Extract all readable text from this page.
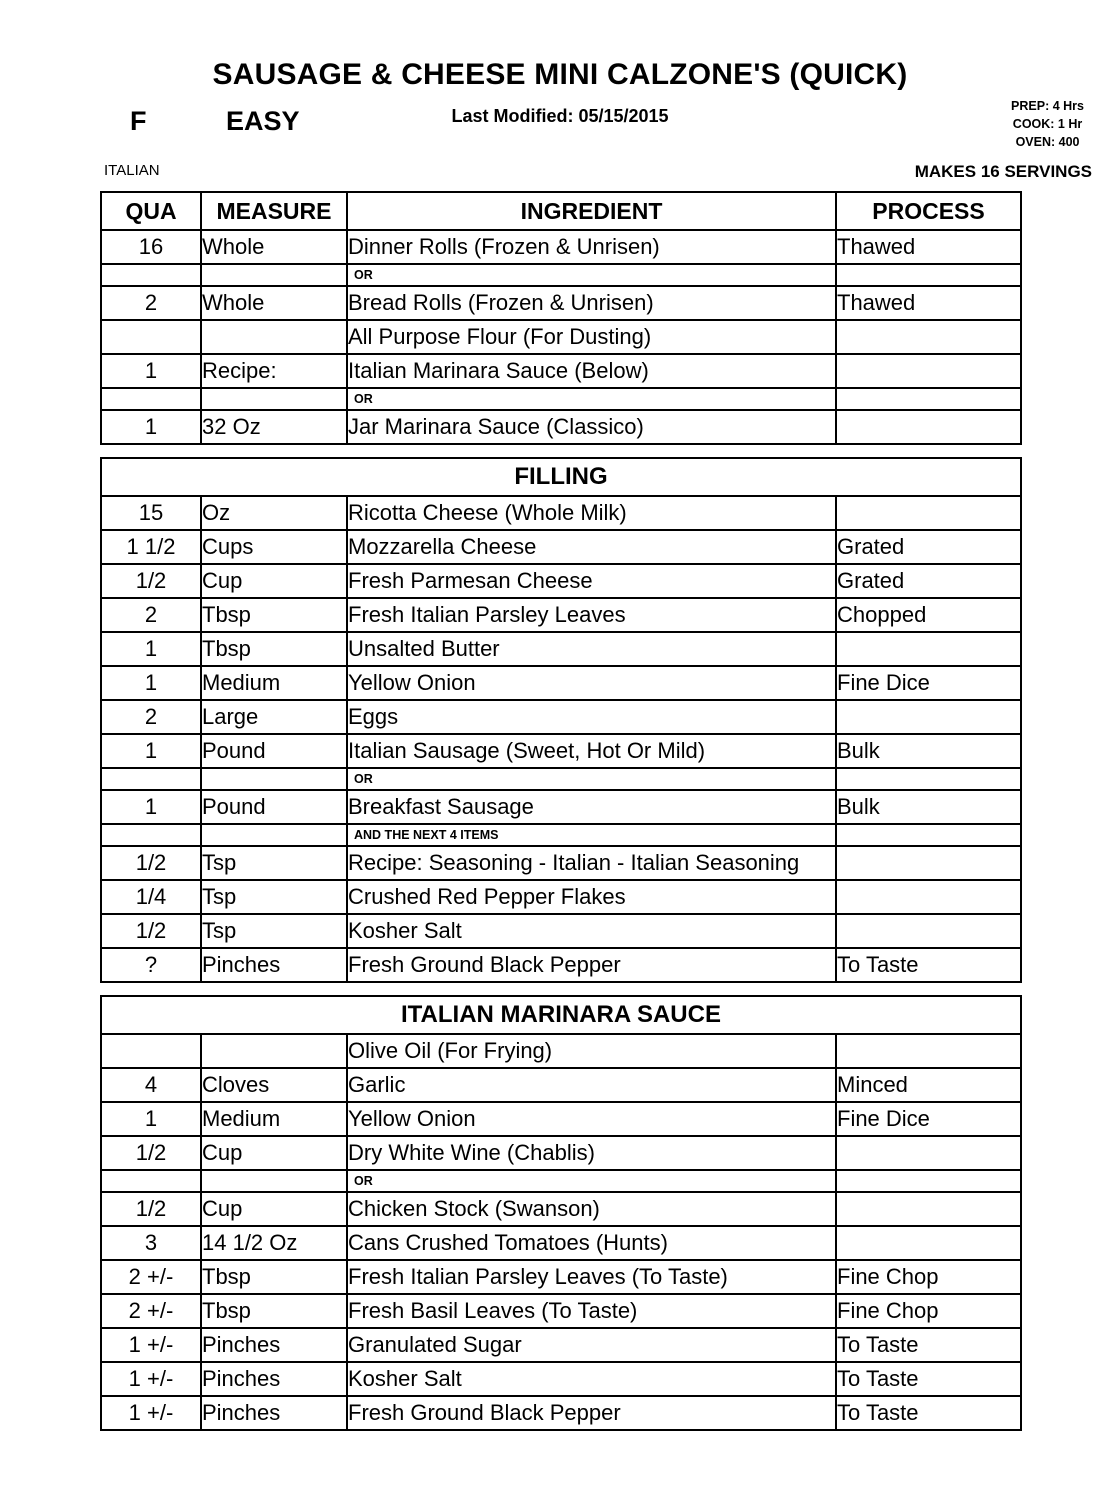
SAUSAGE & CHEESE MINI CALZONE'S (QUICK)
F	EASY	Last Modified: 05/15/2015	PREP: 4 Hrs
COOK: 1 Hr
OVEN: 400
ITALIAN	MAKES 16 SERVINGS
QUA	MEASURE	INGREDIENT	PROCESS
16	Whole	Dinner Rolls (Frozen & Unrisen)	Thawed
		OR	
2	Whole	Bread Rolls (Frozen & Unrisen)	Thawed
		All Purpose Flour (For Dusting)	
1	Recipe:	Italian Marinara Sauce (Below)	
		OR	
1	32 Oz	Jar Marinara Sauce (Classico)	

FILLING			
15	Oz	Ricotta Cheese (Whole Milk)	
1 1/2	Cups	Mozzarella Cheese	Grated
1/2	Cup	Fresh Parmesan Cheese	Grated
2	Tbsp	Fresh Italian Parsley Leaves	Chopped
1	Tbsp	Unsalted Butter	
1	Medium	Yellow Onion	Fine Dice
2	Large	Eggs	
1	Pound	Italian Sausage (Sweet, Hot Or Mild)	Bulk
		OR	
1	Pound	Breakfast Sausage	Bulk
		AND THE NEXT 4 ITEMS	
1/2	Tsp	Recipe: Seasoning - Italian - Italian Seasoning	
1/4	Tsp	Crushed Red Pepper Flakes	
1/2	Tsp	Kosher Salt	
?	Pinches	Fresh Ground Black Pepper	To Taste

ITALIAN MARINARA SAUCE			
		Olive Oil (For Frying)	
4	Cloves	Garlic	Minced
1	Medium	Yellow Onion	Fine Dice
1/2	Cup	Dry White Wine (Chablis)	
		OR	
1/2	Cup	Chicken Stock (Swanson)	
3	14 1/2 Oz	Cans Crushed Tomatoes (Hunts)	
2 +/-	Tbsp	Fresh Italian Parsley Leaves (To Taste)	Fine Chop
2 +/-	Tbsp	Fresh Basil Leaves (To Taste)	Fine Chop
1 +/-	Pinches	Granulated Sugar	To Taste
1 +/-	Pinches	Kosher Salt	To Taste
1 +/-	Pinches	Fresh Ground Black Pepper	To Taste
